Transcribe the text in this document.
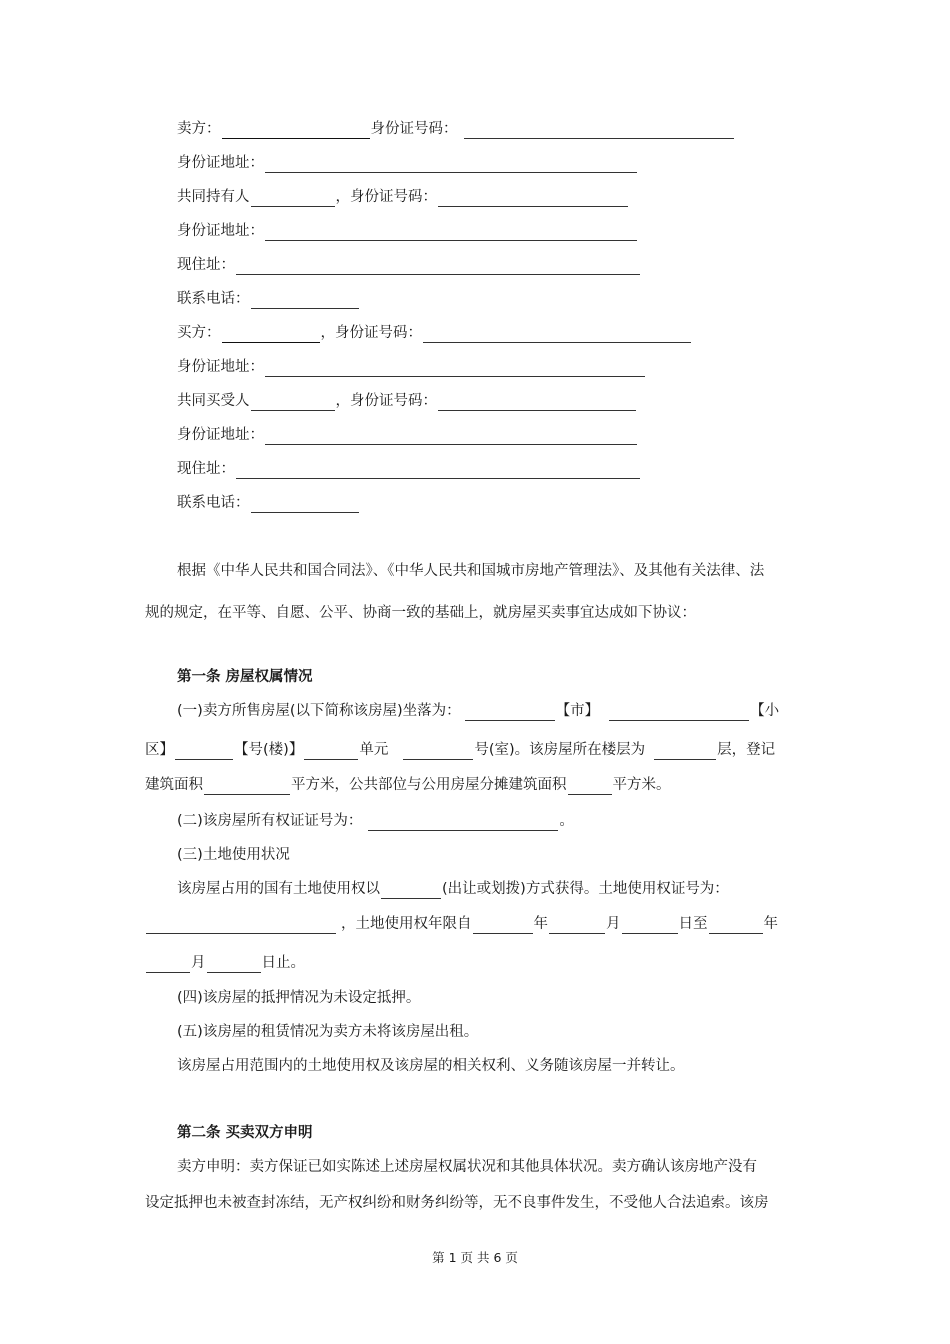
卖方：	身份证号码：
身份证地址：
共同持有人	，身份证号码：
身份证地址：
现住址：
联系电话：
买方：	，身份证号码：
身份证地址：
共同买受人	，身份证号码：
身份证地址：
现住址：
联系电话：
根据《中华人民共和国合同法》、《中华人民共和国城市房地产管理法》、及其他有关法律、法
规的规定，在平等、自愿、公平、协商一致的基础上，就房屋买卖事宜达成如下协议：
第一条 房屋权属情况
(一)卖方所售房屋(以下简称该房屋)坐落为：	【市】	【小
区】	【号(楼)】	单元	号(室)。该房屋所在楼层为	层，登记
建筑面积	平方米，公共部位与公用房屋分摊建筑面积	平方米。
(二)该房屋所有权证证号为：	。
(三)土地使用状况
该房屋占用的国有土地使用权以	(出让或划拨)方式获得。土地使用权证号为：
，土地使用权年限自	年	月	日至	年
月	日止。
(四)该房屋的抵押情况为未设定抵押。
(五)该房屋的租赁情况为卖方未将该房屋出租。
该房屋占用范围内的土地使用权及该房屋的相关权利、义务随该房屋一并转让。
第二条 买卖双方申明
卖方申明：卖方保证已如实陈述上述房屋权属状况和其他具体状况。卖方确认该房地产没有
设定抵押也未被查封冻结，无产权纠纷和财务纠纷等，无不良事件发生，不受他人合法追索。该房
第 1 页 共 6 页
